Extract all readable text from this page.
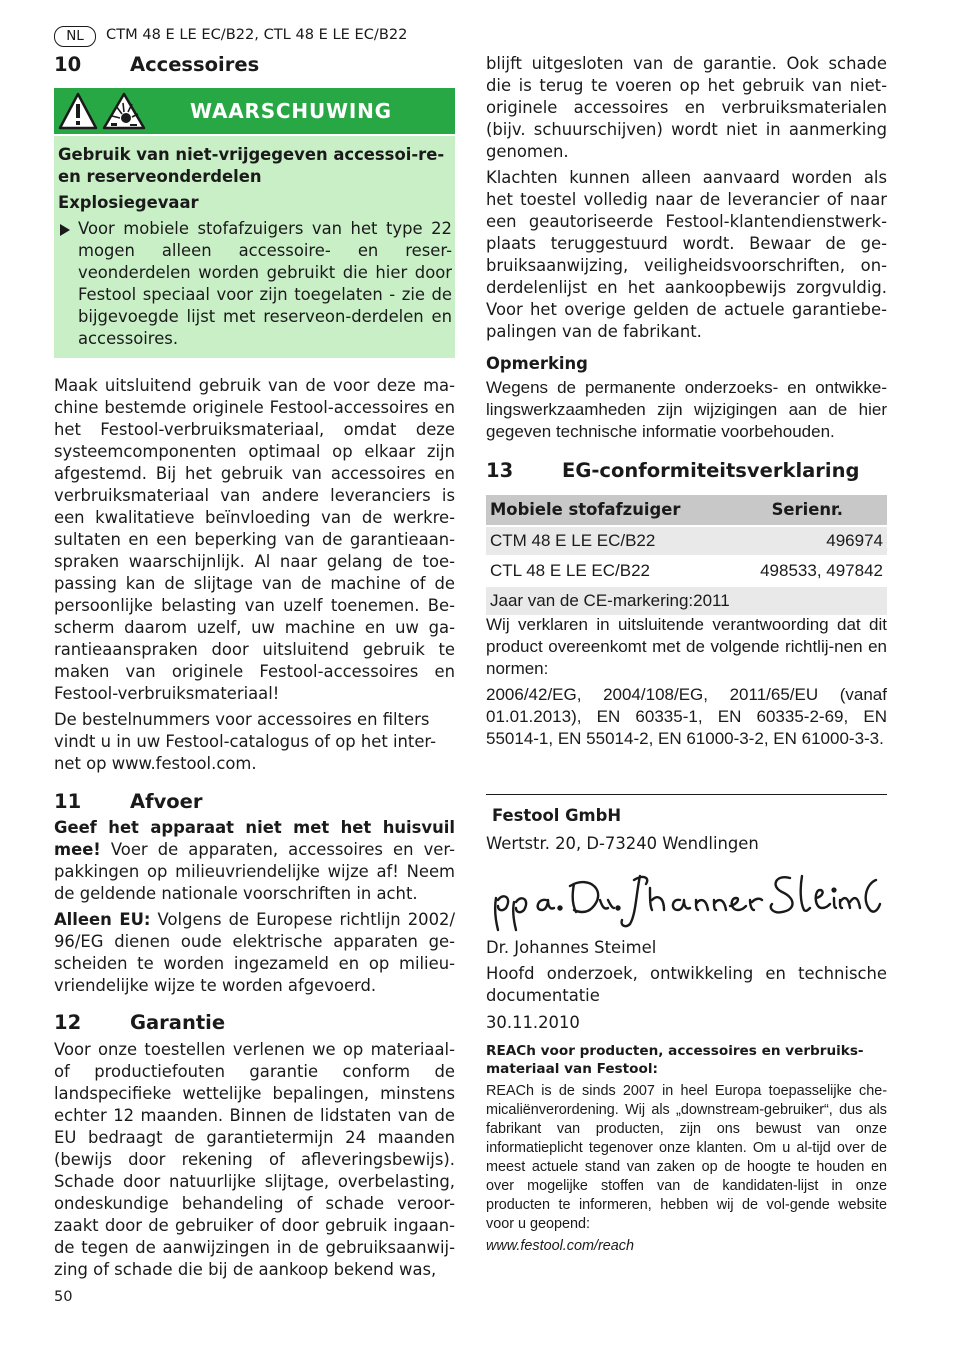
NL	CTM 48 E LE EC/B22, CTL 48 E LE EC/B22
10	Accessoires
WAARSCHUWING

Gebruik van niet-vrijgegeven accessoi-re- en reserveonderdelen

Explosiegevaar

Voor mobiele stofafzuigers van het type 22 mogen alleen accessoire- en reser-veonderdelen worden gebruikt die hier door Festool speciaal voor zijn toegelaten - zie de bijgevoegde lijst met reserveon-derdelen en accessoires.

Maak uitsluitend gebruik van de voor deze ma-chine bestemde originele Festool-accessoires en het Festool-verbruiksmateriaal, omdat deze systeemcomponenten optimaal op elkaar zijn afgestemd. Bij het gebruik van accessoires en verbruiksmateriaal van andere leveranciers is een kwalitatieve beïnvloeding van de werkre-sultaten en een beperking van de garantieaan-spraken waarschijnlijk. Al naar gelang de toe-passing kan de slijtage van de machine of de persoonlijke belasting van uzelf toenemen. Be-scherm daarom uzelf, uw machine en uw ga-rantieaanspraken door uitsluitend gebruik te maken van originele Festool-accessoires en Festool-verbruiksmateriaal!

De bestelnummers voor accessoires en filters vindt u in uw Festool-catalogus of op het inter-net op www.festool.com.

11	Afvoer

Geef het apparaat niet met het huisvuil mee! Voer de apparaten, accessoires en ver-pakkingen op milieuvriendelijke wijze af! Neem de geldende nationale voorschriften in acht.

Alleen EU: Volgens de Europese richtlijn 2002/ 96/EG dienen oude elektrische apparaten ge-scheiden te worden ingezameld en op milieu-vriendelijke wijze te worden afgevoerd.

12	Garantie

Voor onze toestellen verlenen we op materiaal- of productiefouten garantie conform de landspecifieke wettelijke bepalingen, minstens echter 12 maanden. Binnen de lidstaten van de EU bedraagt de garantietermijn 24 maanden (bewijs door rekening of afleveringsbewijs). Schade door natuurlijke slijtage, overbelasting, ondeskundige behandeling of schade veroor-zaakt door de gebruiker of door gebruik ingaan-de tegen de aanwijzingen in de gebruiksaanwij-zing of schade die bij de aankoop bekend was,

50

blijft uitgesloten van de garantie. Ook schade die is terug te voeren op het gebruik van niet-originele accessoires en verbruiksmaterialen (bijv. schuurschijven) wordt niet in aanmerking genomen.

Klachten kunnen alleen aanvaard worden als het toestel volledig naar de leverancier of naar een geautoriseerde Festool-klantendienstwerk-plaats teruggestuurd wordt. Bewaar de ge-bruiksaanwijzing, veiligheidsvoorschriften, on-derdelenlijst en het aankoopbewijs zorgvuldig. Voor het overige gelden de actuele garantiebe-palingen van de fabrikant.

Opmerking

Wegens de permanente onderzoeks- en ontwikke-lingswerkzaamheden zijn wijzigingen aan de hier gegeven technische informatie voorbehouden.

13	EG-conformiteitsverklaring
Mobiele stofafzuiger	Serienr.
CTM 48 E LE EC/B22	496974
CTL 48 E LE EC/B22	498533, 497842
Jaar van de CE-markering:2011	

Wij verklaren in uitsluitende verantwoording dat dit product overeenkomt met de volgende richtlij-nen en normen:

2006/42/EG, 2004/108/EG, 2011/65/EU (vanaf 01.01.2013), EN 60335-1, EN 60335-2-69, EN 55014-1, EN 55014-2, EN 61000-3-2, EN 61000-3-3.

Festool GmbH

Wertstr. 20, D-73240 Wendlingen

Dr. Johannes Steimel

Hoofd onderzoek, ontwikkeling en technische documentatie

30.11.2010

REACh voor producten, accessoires en verbruiks-materiaal van Festool:

REACh is de sinds 2007 in heel Europa toepasselijke che-micaliënverordening. Wij als „downstream-gebruiker“, dus als fabrikant van producten, zijn ons bewust van onze informatieplicht tegenover onze klanten. Om u al-tijd over de meest actuele stand van zaken op de hoogte te houden en over mogelijke stoffen van de kandidaten-lijst in onze producten te informeren, hebben wij de vol-gende website voor u geopend:

www.festool.com/reach
